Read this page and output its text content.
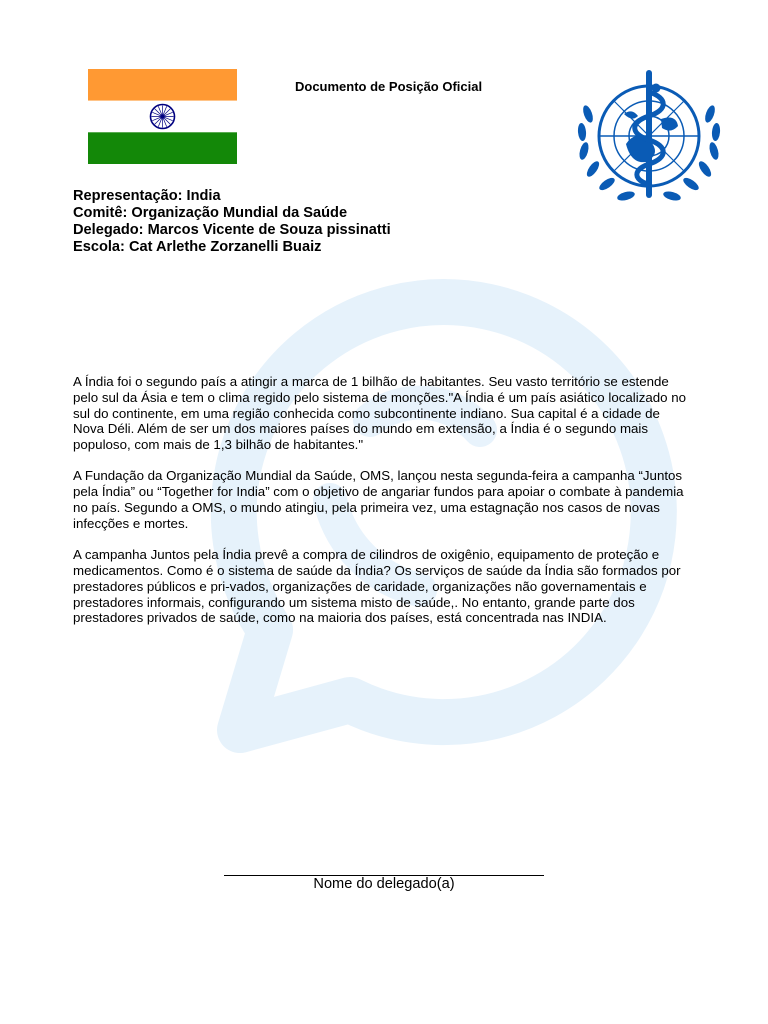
Documento de Posição Oficial
Representação: India
Comitê: Organização Mundial da Saúde
Delegado: Marcos Vicente de Souza pissinatti
Escola: Cat Arlethe Zorzanelli Buaiz

A Índia foi o segundo país a atingir a marca de 1 bilhão de habitantes. Seu vasto território se estende pelo sul da Ásia e tem o clima regido pelo sistema de monções."A Índia é um país asiático localizado no sul do continente, em uma região conhecida como subcontinente indiano. Sua capital é a cidade de Nova Déli. Além de ser um dos maiores países do mundo em extensão, a Índia é o segundo mais populoso, com mais de 1,3 bilhão de habitantes."

A Fundação da Organização Mundial da Saúde, OMS, lançou nesta segunda-feira a campanha “Juntos pela Índia” ou “Together for India” com o objetivo de angariar fundos para apoiar o combate à pandemia no país. Segundo a OMS, o mundo atingiu, pela primeira vez, uma estagnação nos casos de novas infecções e mortes.

A campanha Juntos pela Índia prevê a compra de cilindros de oxigênio, equipamento de proteção e medicamentos. Como é o sistema de saúde da Índia? Os serviços de saúde da Índia são formados por prestadores públicos e pri-vados, organizações de caridade, organizações não governamentais e prestadores informais, configurando um sistema misto de saúde,. No entanto, grande parte dos prestadores privados de saúde, como na maioria dos países, está concentrada nas INDIA.

Nome do delegado(a)
